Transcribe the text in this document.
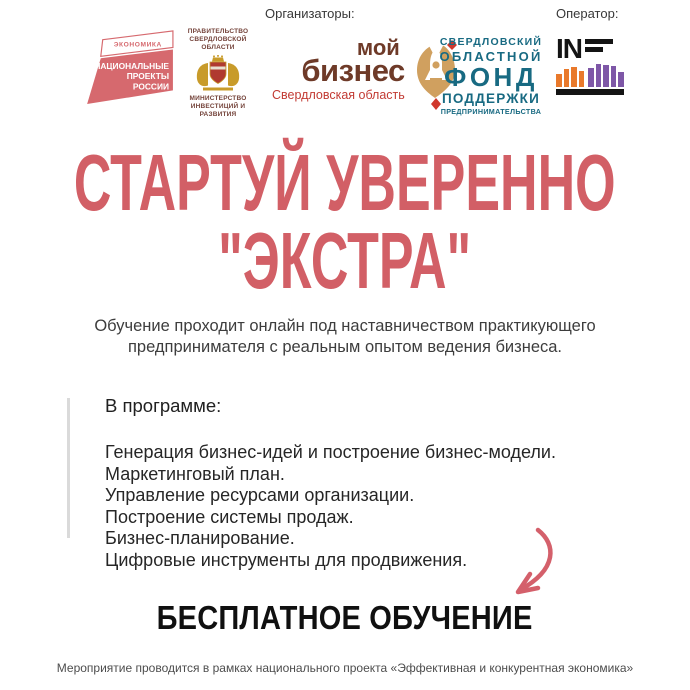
Организаторы:	Оператор:
ЭКОНОМИКА
НАЦИОНАЛЬНЫЕ
ПРОЕКТЫ
РОССИИ
ПРАВИТЕЛЬСТВО
СВЕРДЛОВСКОЙ ОБЛАСТИ
МИНИСТЕРСТВО
ИНВЕСТИЦИЙ И РАЗВИТИЯ
мой
бизнес
Свердловская область
СВЕРДЛОВСКИЙ
ОБЛАСТНОЙ
ФОНД
ПОДДЕРЖКИ
ПРЕДПРИНИМАТЕЛЬСТВА
IN
СТАРТУЙ УВЕРЕННО
"ЭКСТРА"
Обучение проходит онлайн под наставничеством практикующего предпринимателя с реальным опытом ведения бизнеса.
В программе:
Генерация бизнес-идей и построение бизнес-модели.
Маркетинговый план.
Управление ресурсами организации.
Построение системы продаж.
Бизнес-планирование.
Цифровые инструменты для продвижения.
БЕСПЛАТНОЕ ОБУЧЕНИЕ
Мероприятие проводится в рамках национального проекта «Эффективная и конкурентная экономика»
